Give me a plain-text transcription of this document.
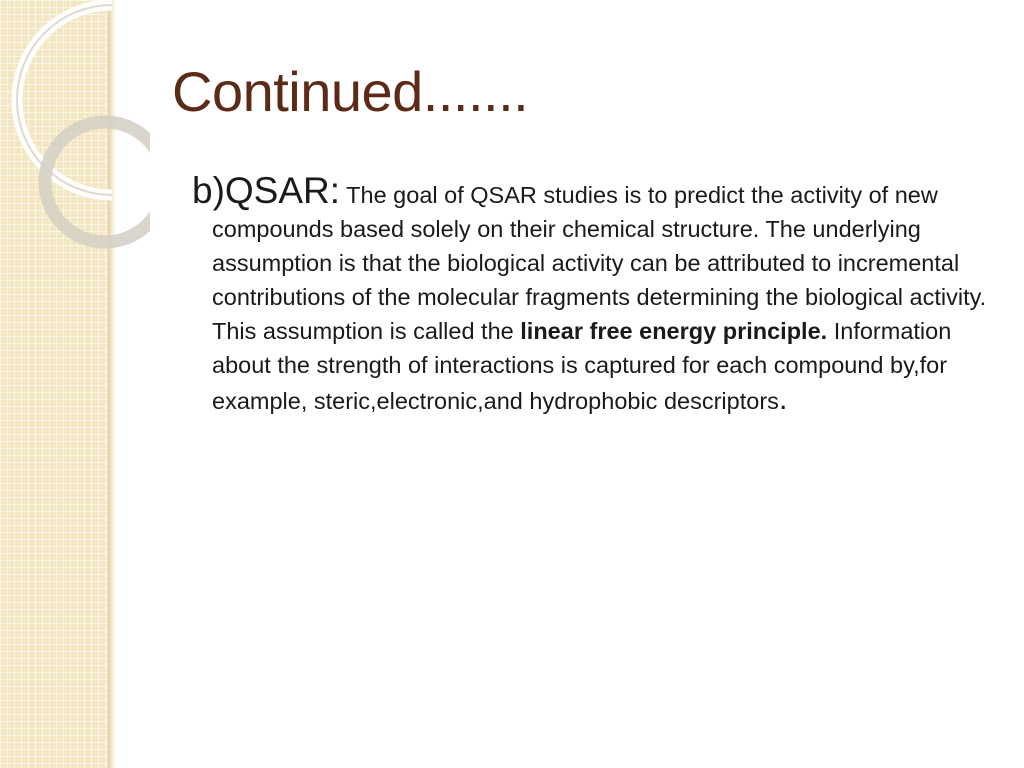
Continued.......
b)QSAR: The goal of QSAR studies is to predict the activity of new compounds based solely on their chemical structure. The underlying assumption is that the biological activity can be attributed to incremental contributions of the molecular fragments determining the biological activity. This assumption is called the linear free energy principle. Information about the strength of interactions is captured for each compound by,for example, steric,electronic,and hydrophobic descriptors.
